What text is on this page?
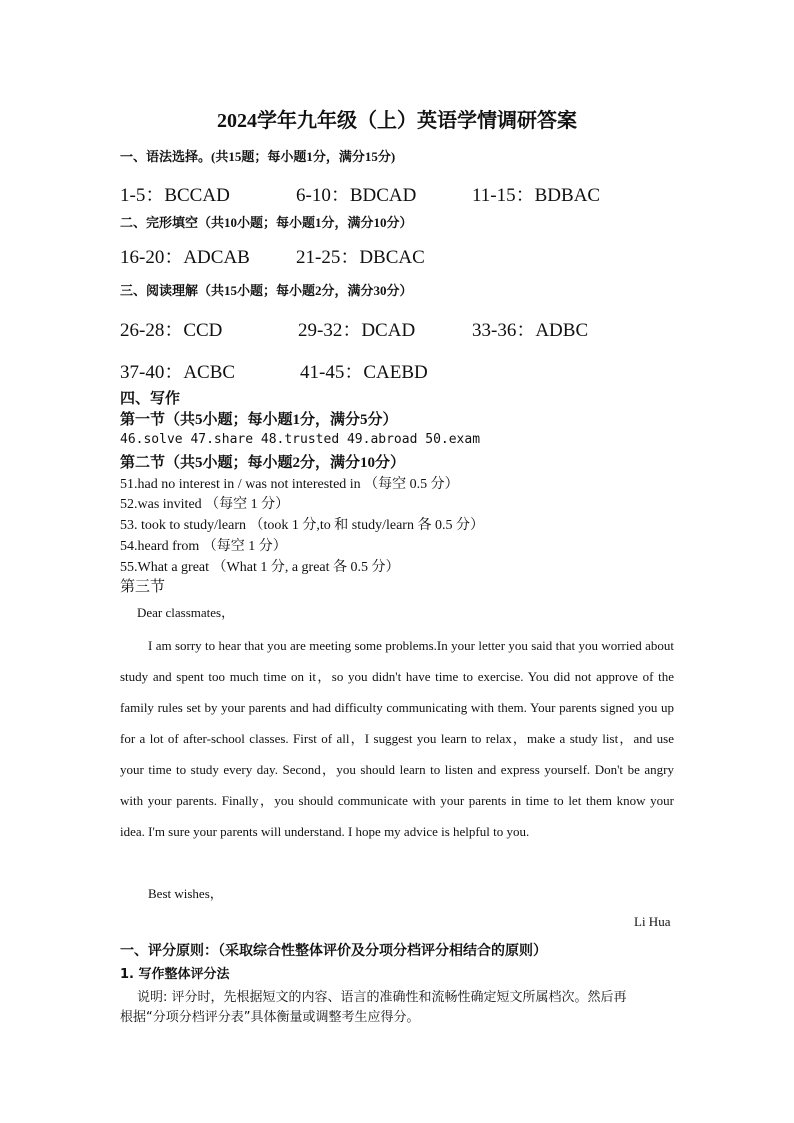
2024学年九年级（上）英语学情调研答案
一、语法选择。(共15题；每小题1分，满分15分)
1-5：BCCAD	6-10：BDCAD	11-15：BDBAC
二、完形填空（共10小题；每小题1分，满分10分）
16-20：ADCAB 21-25：DBCAC
三、阅读理解（共15小题；每小题2分，满分30分）
26-28：CCD	29-32：DCAD	33-36：ADBC
37-40：ACBC	41-45：CAEBD
四、写作
第一节（共5小题；每小题1分，满分5分）
46.solve 47.share 48.trusted 49.abroad 50.exam
第二节（共5小题；每小题2分，满分10分）
51.had no interest in / was not interested in （每空 0.5 分）
52.was invited （每空 1 分）
53. took to study/learn （took 1 分,to 和 study/learn 各 0.5 分）
54.heard from （每空 1 分）
55.What a great （What 1 分, a great 各 0.5 分）
第三节
Dear classmates，
I am sorry to hear that you are meeting some problems.In your letter you said that you worried about study and spent too much time on it，so you didn't have time to exercise. You did not approve of the family rules set by your parents and had difficulty communicating with them. Your parents signed you up for a lot of after-school classes. First of all，I suggest you learn to relax，make a study list，and use your time to study every day. Second，you should learn to listen and express yourself. Don't be angry with your parents. Finally，you should communicate with your parents in time to let them know your idea. I'm sure your parents will understand. I hope my advice is helpful to you.
Best wishes，
Li Hua
一、评分原则：（采取综合性整体评价及分项分档评分相结合的原则）
1. 写作整体评分法
说明: 评分时，先根据短文的内容、语言的准确性和流畅性确定短文所属档次。然后再
根据“分项分档评分表”具体衡量或调整考生应得分。
